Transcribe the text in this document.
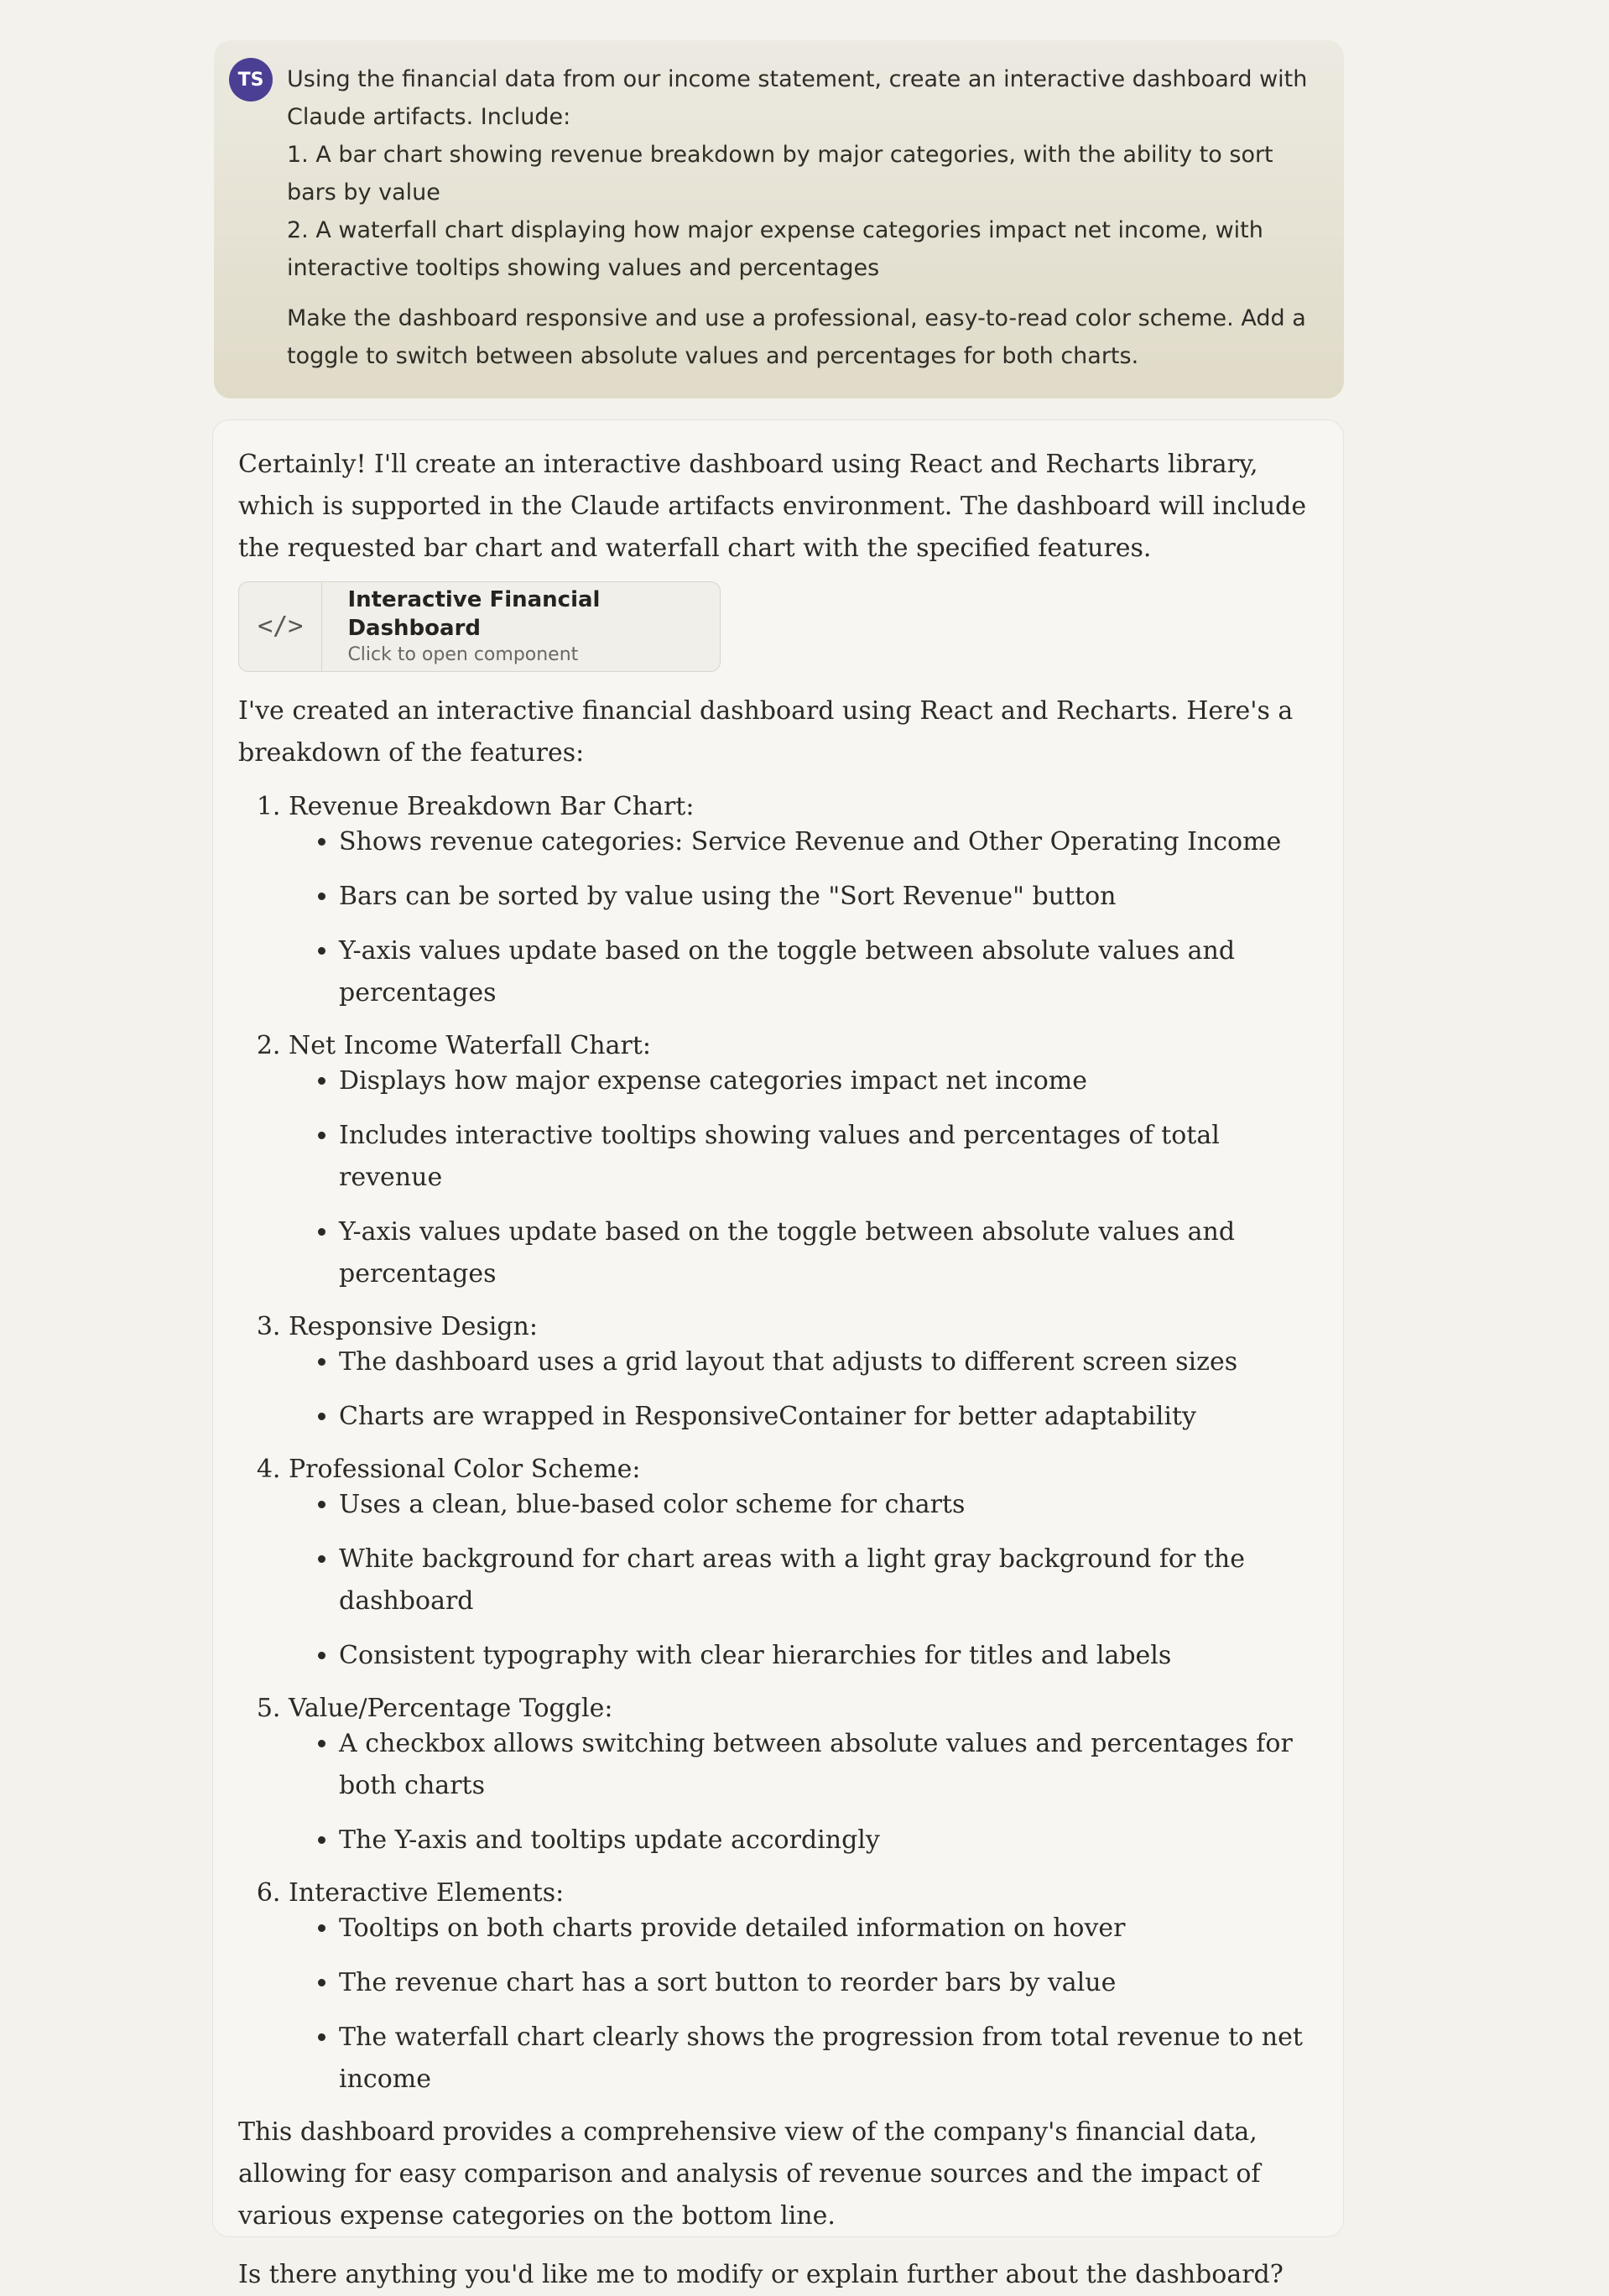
TS	Using the financial data from our income statement, create an interactive dashboard with Claude artifacts. Include:

1. A bar chart showing revenue breakdown by major categories, with the ability to sort bars by value

2. A waterfall chart displaying how major expense categories impact net income, with interactive tooltips showing values and percentages

Make the dashboard responsive and use a professional, easy-to-read color scheme. Add a toggle to switch between absolute values and percentages for both charts.

Certainly! I'll create an interactive dashboard using React and Recharts library, which is supported in the Claude artifacts environment. The dashboard will include the requested bar chart and waterfall chart with the specified features.

</>
Interactive Financial Dashboard
Click to open component

I've created an interactive financial dashboard using React and Recharts. Here's a breakdown of the features:

1. Revenue Breakdown Bar Chart:
• Shows revenue categories: Service Revenue and Other Operating Income
• Bars can be sorted by value using the "Sort Revenue" button
• Y-axis values update based on the toggle between absolute values and percentages
2. Net Income Waterfall Chart:
• Displays how major expense categories impact net income
• Includes interactive tooltips showing values and percentages of total revenue
• Y-axis values update based on the toggle between absolute values and percentages
3. Responsive Design:
• The dashboard uses a grid layout that adjusts to different screen sizes
• Charts are wrapped in ResponsiveContainer for better adaptability
4. Professional Color Scheme:
• Uses a clean, blue-based color scheme for charts
• White background for chart areas with a light gray background for the dashboard
• Consistent typography with clear hierarchies for titles and labels
5. Value/Percentage Toggle:
• A checkbox allows switching between absolute values and percentages for both charts
• The Y-axis and tooltips update accordingly
6. Interactive Elements:
• Tooltips on both charts provide detailed information on hover
• The revenue chart has a sort button to reorder bars by value
• The waterfall chart clearly shows the progression from total revenue to net income

This dashboard provides a comprehensive view of the company's financial data, allowing for easy comparison and analysis of revenue sources and the impact of various expense categories on the bottom line.

Is there anything you'd like me to modify or explain further about the dashboard?
